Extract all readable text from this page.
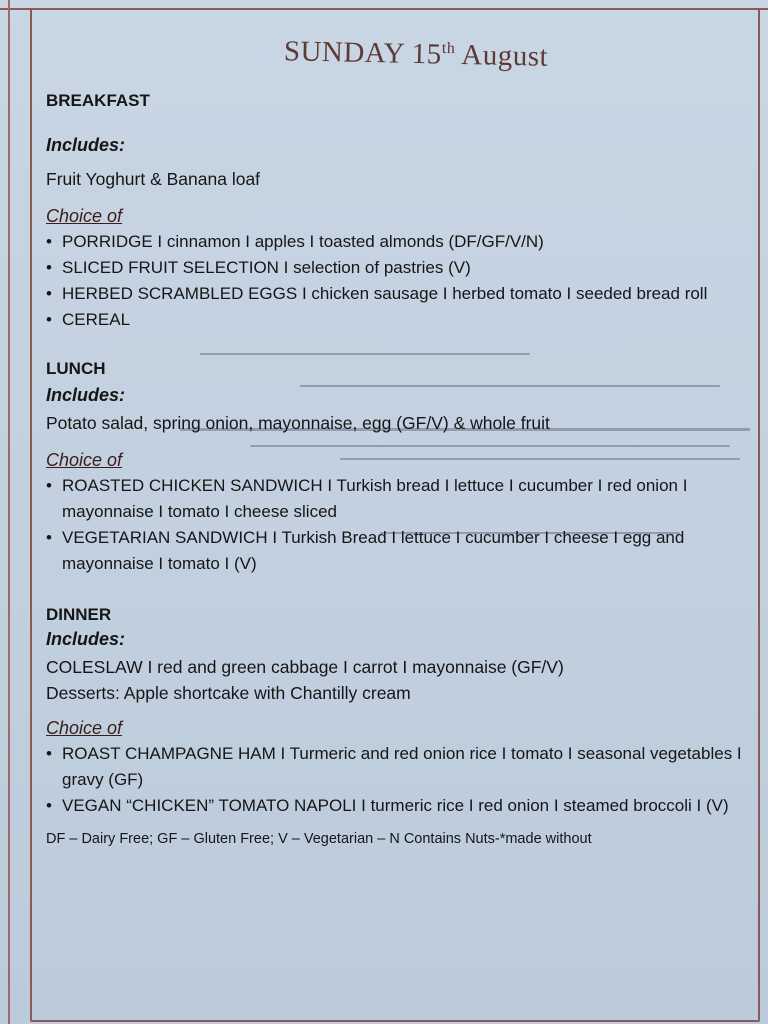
SUNDAY 15th August

BREAKFAST

Includes:

Fruit Yoghurt & Banana loaf

Choice of

• PORRIDGE I cinnamon I apples I toasted almonds (DF/GF/V/N)
• SLICED FRUIT SELECTION I selection of pastries (V)
• HERBED SCRAMBLED EGGS I chicken sausage I herbed tomato I seeded bread roll
• CEREAL

LUNCH

Includes:

Potato salad, spring onion, mayonnaise, egg (GF/V) & whole fruit

Choice of

• ROASTED CHICKEN SANDWICH I Turkish bread I lettuce I cucumber I red onion I mayonnaise I tomato I cheese sliced
• VEGETARIAN SANDWICH I Turkish Bread I lettuce I cucumber I cheese I egg and mayonnaise I tomato I (V)

DINNER

Includes:

COLESLAW I red and green cabbage I carrot I mayonnaise (GF/V)

Desserts: Apple shortcake with Chantilly cream

Choice of

• ROAST CHAMPAGNE HAM I Turmeric and red onion rice I tomato I seasonal vegetables I gravy (GF)
• VEGAN “CHICKEN” TOMATO NAPOLI I turmeric rice I red onion I steamed broccoli I (V)

DF – Dairy Free; GF – Gluten Free; V – Vegetarian – N Contains Nuts-*made without
